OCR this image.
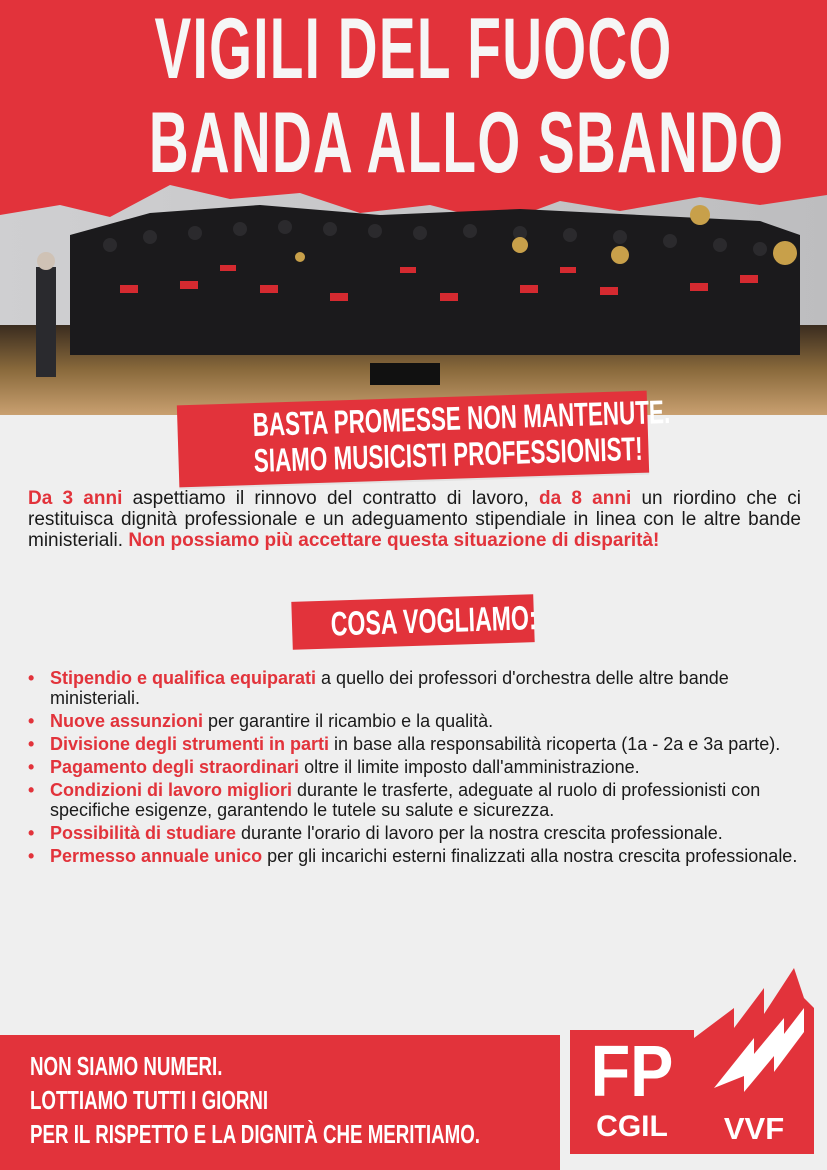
VIGILI DEL FUOCO
BANDA ALLO SBANDO
BASTA PROMESSE NON MANTENUTE.
SIAMO MUSICISTI PROFESSIONIST!
Da 3 anni aspettiamo il rinnovo del contratto di lavoro, da 8 anni un riordino che ci restituisca dignità professionale e un adeguamento stipendiale in linea con le altre bande ministeriali. Non possiamo più accettare questa situazione di disparità!
COSA VOGLIAMO:
• Stipendio e qualifica equiparati a quello dei professori d'orchestra delle altre bande ministeriali.
• Nuove assunzioni per garantire il ricambio e la qualità.
• Divisione degli strumenti in parti in base alla responsabilità ricoperta (1a - 2a e 3a parte).
• Pagamento degli straordinari oltre il limite imposto dall'amministrazione.
• Condizioni di lavoro migliori durante le trasferte, adeguate al ruolo di professionisti con specifiche esigenze, garantendo le tutele su salute e sicurezza.
• Possibilità di studiare durante l'orario di lavoro per la nostra crescita professionale.
• Permesso annuale unico per gli incarichi esterni finalizzati alla nostra crescita professionale.
NON SIAMO NUMERI.
LOTTIAMO TUTTI I GIORNI
PER IL RISPETTO E LA DIGNITÀ CHE MERITIAMO.
FP
CGIL	VVF
